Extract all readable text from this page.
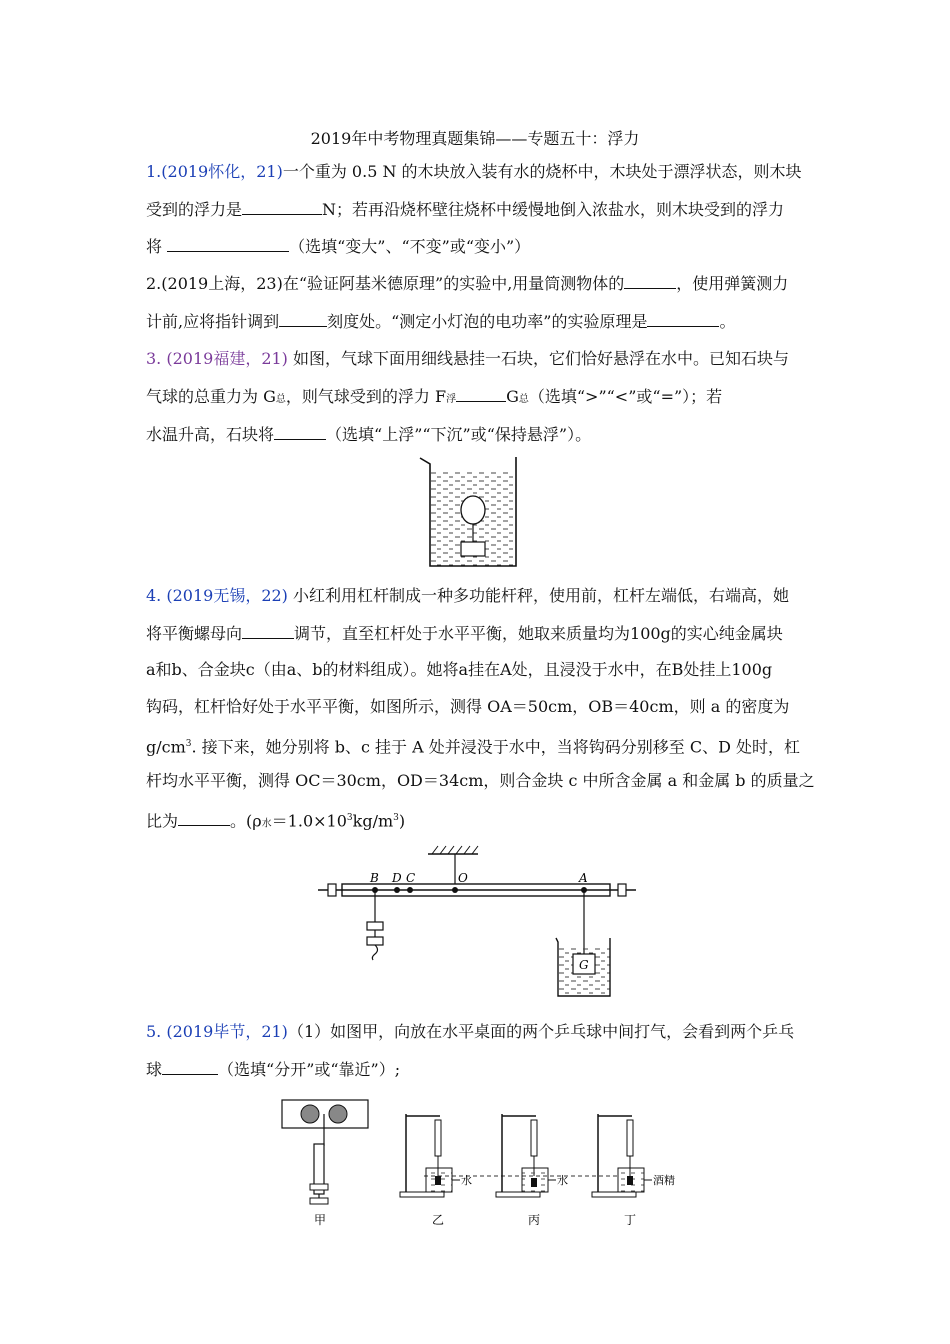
2019年中考物理真题集锦——专题五十：浮力
1.(2019怀化，21)一个重为 0.5 N 的木块放入装有水的烧杯中，木块处于漂浮状态，则木块
受到的浮力是	N；若再沿烧杯壁往烧杯中缓慢地倒入浓盐水，则木块受到的浮力
将	（选填“变大”、“不变”或“变小”）
2.(2019上海，23)在“验证阿基米德原理”的实验中,用量筒测物体的	，使用弹簧测力
计前,应将指针调到	刻度处。“测定小灯泡的电功率”的实验原理是	。
3. (2019福建，21) 如图，气球下面用细线悬挂一石块，它们恰好悬浮在水中。已知石块与
气球的总重力为 G总，则气球受到的浮力 F浮	G总（选填“>”“<”或“=”）；若
水温升高，石块将	（选填“上浮”“下沉”或“保持悬浮”）。
4. (2019无锡，22) 小红利用杠杆制成一种多功能杆秤，使用前，杠杆左端低，右端高，她
将平衡螺母向	调节，直至杠杆处于水平平衡，她取来质量均为100g的实心纯金属块
a和b、合金块c（由a、b的材料组成）。她将a挂在A处，且浸没于水中，在B处挂上100g
钩码，杠杆恰好处于水平平衡，如图所示，测得 OA＝50cm，OB＝40cm，则 a 的密度为
$g/cm^3$. 接下来，她分别将 b、c 挂于 A 处并浸没于水中，当将钩码分别移至 C、D 处时，杠
杆均水平平衡，测得 OC＝30cm，OD＝34cm，则合金块 c 中所含金属 a 和金属 b 的质量之
比为	。(ρ水$=1.0\times 10^3kg/m^3$)
B D C	O	A
G
5. (2019毕节，21)（1）如图甲，向放在水平桌面的两个乒乓球中间打气，会看到两个乒乓
球	（选填“分开”或“靠近”）;
甲
水
乙
水
丙
酒精
丁
